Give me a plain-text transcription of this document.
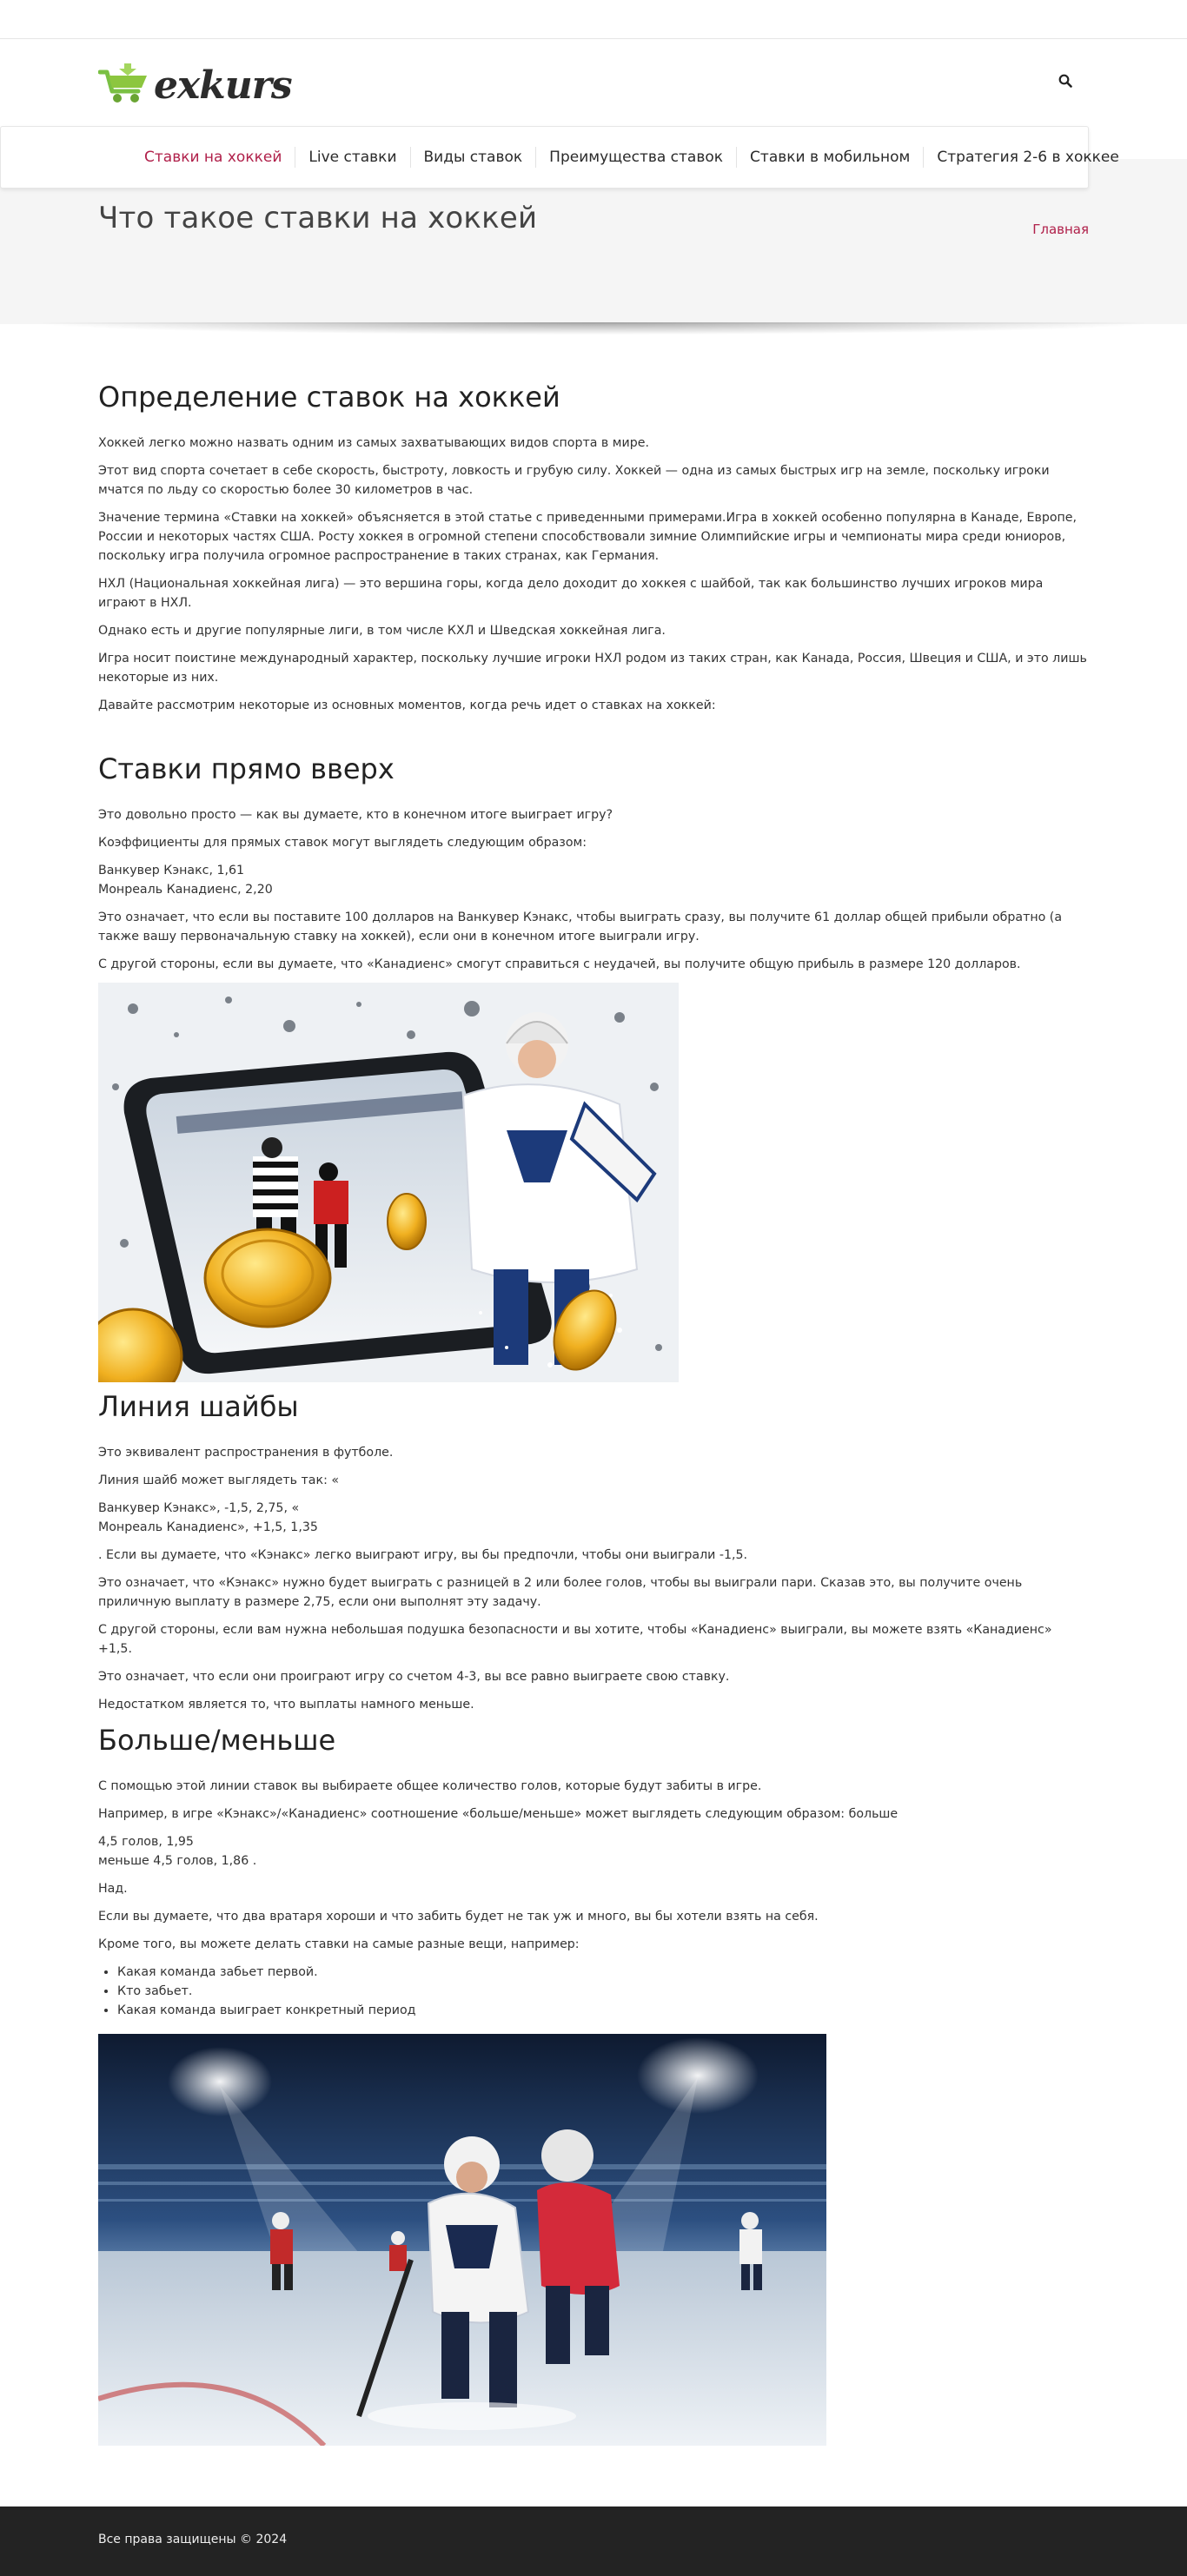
exkurs
Ставки на хоккей	Live ставки	Виды ставок	Преимущества ставок	Ставки в мобильном	Стратегия 2-6 в хоккее
Что такое ставки на хоккей	Главная
Определение ставок на хоккей

Хоккей легко можно назвать одним из самых захватывающих видов спорта в мире.

Этот вид спорта сочетает в себе скорость, быстроту, ловкость и грубую силу. Хоккей — одна из самых быстрых игр на земле, поскольку игроки мчатся по льду со скоростью более 30 километров в час.

Значение термина «Ставки на хоккей» объясняется в этой статье с приведенными примерами.Игра в хоккей особенно популярна в Канаде, Европе, России и некоторых частях США. Росту хоккея в огромной степени способствовали зимние Олимпийские игры и чемпионаты мира среди юниоров, поскольку игра получила огромное распространение в таких странах, как Германия.

НХЛ (Национальная хоккейная лига) — это вершина горы, когда дело доходит до хоккея с шайбой, так как большинство лучших игроков мира играют в НХЛ.

Однако есть и другие популярные лиги, в том числе КХЛ и Шведская хоккейная лига.

Игра носит поистине международный характер, поскольку лучшие игроки НХЛ родом из таких стран, как Канада, Россия, Швеция и США, и это лишь некоторые из них.

Давайте рассмотрим некоторые из основных моментов, когда речь идет о ставках на хоккей:

Ставки прямо вверх

Это довольно просто — как вы думаете, кто в конечном итоге выиграет игру?

Коэффициенты для прямых ставок могут выглядеть следующим образом:

Ванкувер Кэнакс, 1,61
Монреаль Канадиенс, 2,20

Это означает, что если вы поставите 100 долларов на Ванкувер Кэнакс, чтобы выиграть сразу, вы получите 61 доллар общей прибыли обратно (а также вашу первоначальную ставку на хоккей), если они в конечном итоге выиграли игру.

С другой стороны, если вы думаете, что «Канадиенс» смогут справиться с неудачей, вы получите общую прибыль в размере 120 долларов.

Линия шайбы

Это эквивалент распространения в футболе.

Линия шайб может выглядеть так: «

Ванкувер Кэнакс», -1,5, 2,75, «
Монреаль Канадиенс», +1,5, 1,35

. Если вы думаете, что «Кэнакс» легко выиграют игру, вы бы предпочли, чтобы они выиграли -1,5.

Это означает, что «Кэнакс» нужно будет выиграть с разницей в 2 или более голов, чтобы вы выиграли пари. Сказав это, вы получите очень приличную выплату в размере 2,75, если они выполнят эту задачу.

С другой стороны, если вам нужна небольшая подушка безопасности и вы хотите, чтобы «Канадиенс» выиграли, вы можете взять «Канадиенс» +1,5.

Это означает, что если они проиграют игру со счетом 4-3, вы все равно выиграете свою ставку.

Недостатком является то, что выплаты намного меньше.

Больше/меньше

С помощью этой линии ставок вы выбираете общее количество голов, которые будут забиты в игре.

Например, в игре «Кэнакс»/«Канадиенс» соотношение «больше/меньше» может выглядеть следующим образом: больше

4,5 голов, 1,95
меньше 4,5 голов, 1,86 .

Над.

Если вы думаете, что два вратаря хороши и что забить будет не так уж и много, вы бы хотели взять на себя.

Кроме того, вы можете делать ставки на самые разные вещи, например:

• Какая команда забьет первой.
• Кто забьет.
• Какая команда выиграет конкретный период
Все права защищены © 2024
